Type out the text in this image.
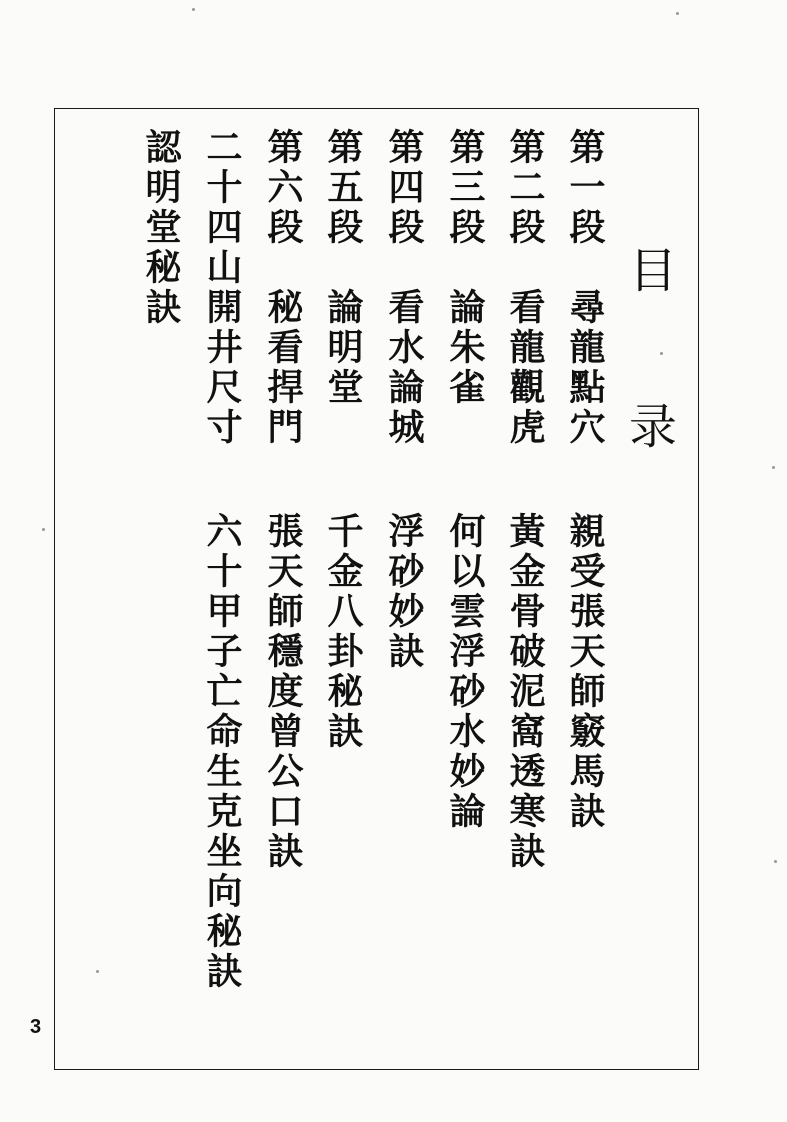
目
录
第一段　尋龍點穴
親受張天師竅馬訣
第二段　看龍觀虎
黃金骨破泥窩透寒訣
第三段　論朱雀
何以雲浮砂水妙論
第四段　看水論城
浮砂妙訣
第五段　論明堂
千金八卦秘訣
第六段　秘看捍門
張天師穩度曾公口訣
二十四山開井尺寸
六十甲子亡命生克坐向秘訣
認明堂秘訣
3
